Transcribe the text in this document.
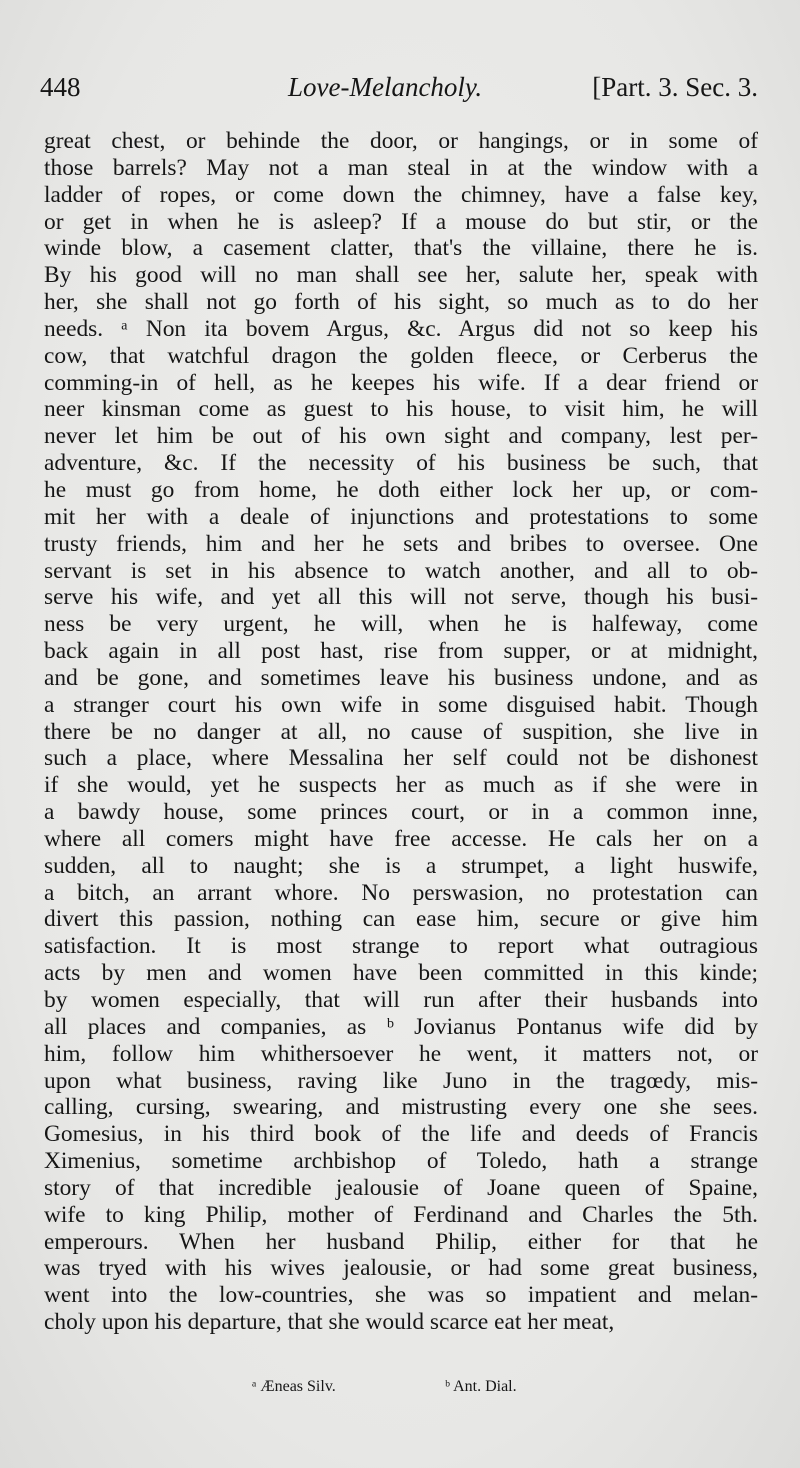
448	Love-Melancholy.	[Part. 3. Sec. 3.
great chest, or behinde the door, or hangings, or in some of
those barrels? May not a man steal in at the window with a
ladder of ropes, or come down the chimney, have a false key,
or get in when he is asleep? If a mouse do but stir, or the
winde blow, a casement clatter, that's the villaine, there he is.
By his good will no man shall see her, salute her, speak with
her, she shall not go forth of his sight, so much as to do her
needs. ᵃ Non ita bovem Argus, &c. Argus did not so keep his
cow, that watchful dragon the golden fleece, or Cerberus the
comming-in of hell, as he keepes his wife. If a dear friend or
neer kinsman come as guest to his house, to visit him, he will
never let him be out of his own sight and company, lest per-
adventure, &c. If the necessity of his business be such, that
he must go from home, he doth either lock her up, or com-
mit her with a deale of injunctions and protestations to some
trusty friends, him and her he sets and bribes to oversee. One
servant is set in his absence to watch another, and all to ob-
serve his wife, and yet all this will not serve, though his busi-
ness be very urgent, he will, when he is halfeway, come
back again in all post hast, rise from supper, or at midnight,
and be gone, and sometimes leave his business undone, and as
a stranger court his own wife in some disguised habit. Though
there be no danger at all, no cause of suspition, she live in
such a place, where Messalina her self could not be dishonest
if she would, yet he suspects her as much as if she were in
a bawdy house, some princes court, or in a common inne,
where all comers might have free accesse. He cals her on a
sudden, all to naught; she is a strumpet, a light huswife,
a bitch, an arrant whore. No perswasion, no protestation can
divert this passion, nothing can ease him, secure or give him
satisfaction. It is most strange to report what outragious
acts by men and women have been committed in this kinde;
by women especially, that will run after their husbands into
all places and companies, as ᵇ Jovianus Pontanus wife did by
him, follow him whithersoever he went, it matters not, or
upon what business, raving like Juno in the tragœdy, mis-
calling, cursing, swearing, and mistrusting every one she sees.
Gomesius, in his third book of the life and deeds of Francis
Ximenius, sometime archbishop of Toledo, hath a strange
story of that incredible jealousie of Joane queen of Spaine,
wife to king Philip, mother of Ferdinand and Charles the 5th.
emperours. When her husband Philip, either for that he
was tryed with his wives jealousie, or had some great business,
went into the low-countries, she was so impatient and melan-
choly upon his departure, that she would scarce eat her meat,
ᵃ Æneas Silv.	ᵇ Ant. Dial.
